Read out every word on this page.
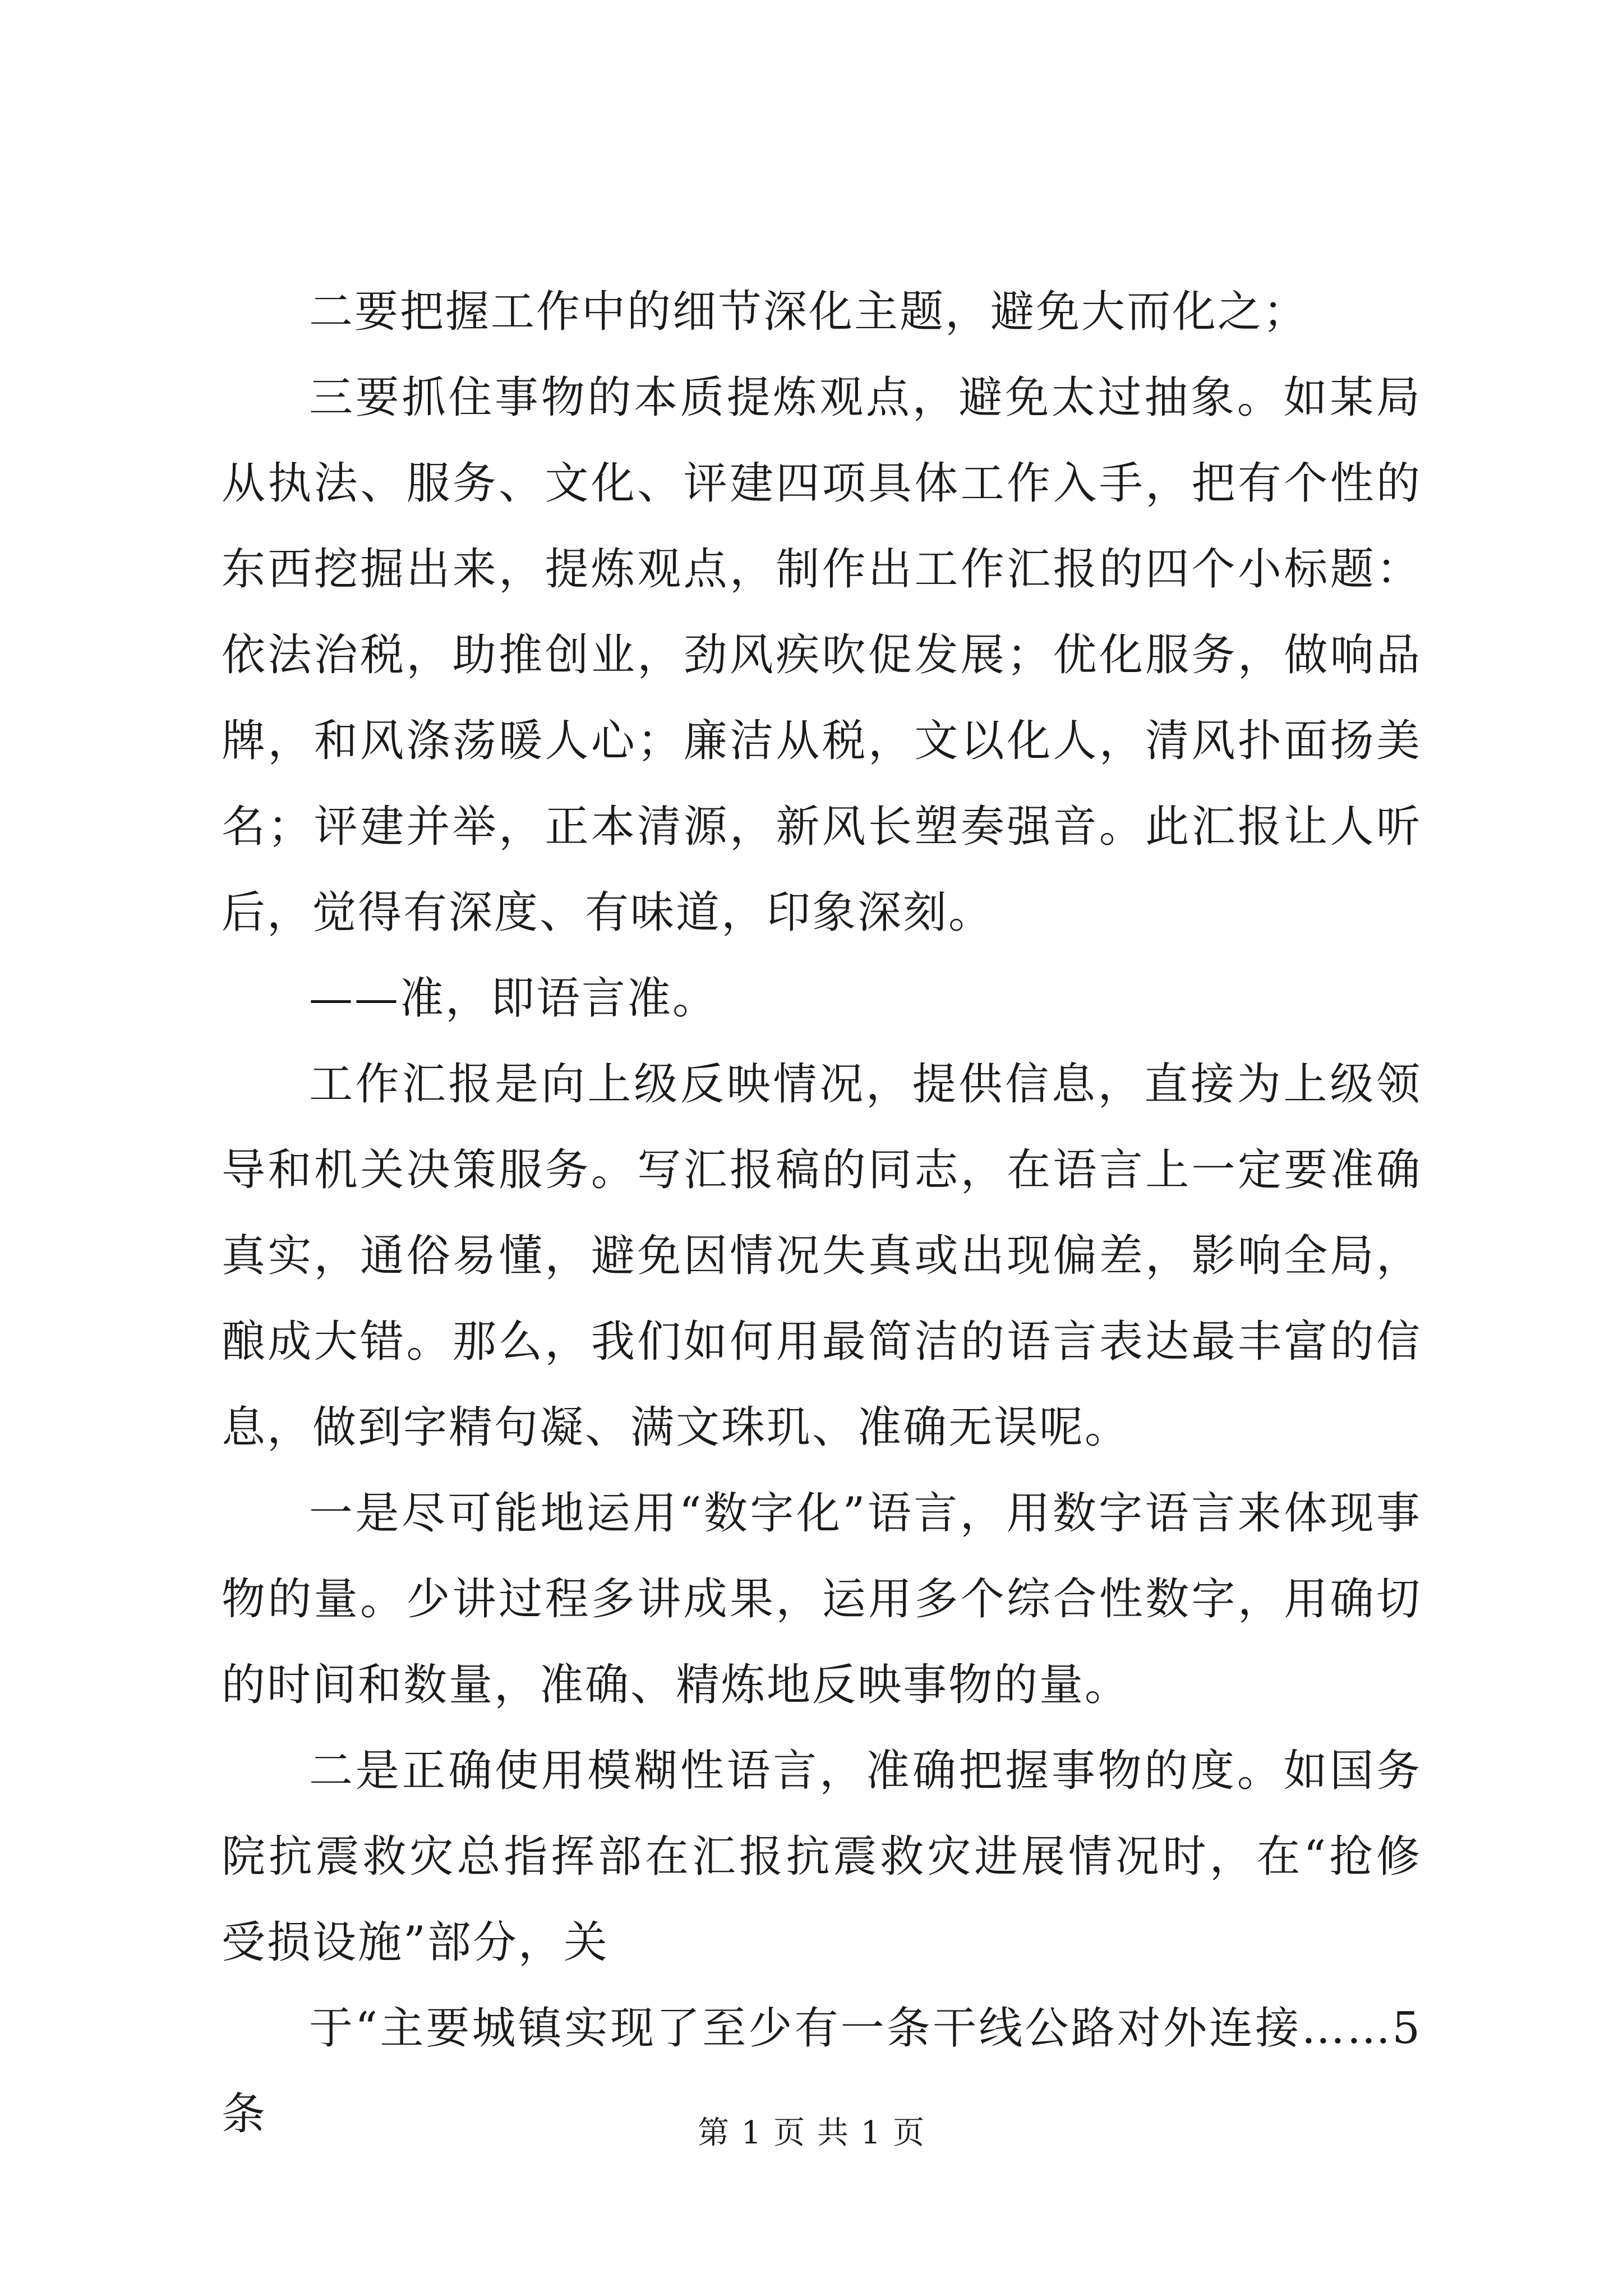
二要把握工作中的细节深化主题，避免大而化之；

三要抓住事物的本质提炼观点，避免太过抽象。如某局从执法、服务、文化、评建四项具体工作入手，把有个性的东西挖掘出来，提炼观点，制作出工作汇报的四个小标题：依法治税，助推创业，劲风疾吹促发展；优化服务，做响品牌，和风涤荡暖人心；廉洁从税，文以化人，清风扑面扬美名；评建并举，正本清源，新风长塑奏强音。此汇报让人听后，觉得有深度、有味道，印象深刻。

——准，即语言准。

工作汇报是向上级反映情况，提供信息，直接为上级领导和机关决策服务。写汇报稿的同志，在语言上一定要准确真实，通俗易懂，避免因情况失真或出现偏差，影响全局，酿成大错。那么，我们如何用最简洁的语言表达最丰富的信息，做到字精句凝、满文珠玑、准确无误呢。

一是尽可能地运用“数字化”语言，用数字语言来体现事物的量。少讲过程多讲成果，运用多个综合性数字，用确切的时间和数量，准确、精炼地反映事物的量。

二是正确使用模糊性语言，准确把握事物的度。如国务院抗震救灾总指挥部在汇报抗震救灾进展情况时，在“抢修受损设施”部分，关

于“主要城镇实现了至少有一条干线公路对外连接……5条	第 1 页 共 1 页
